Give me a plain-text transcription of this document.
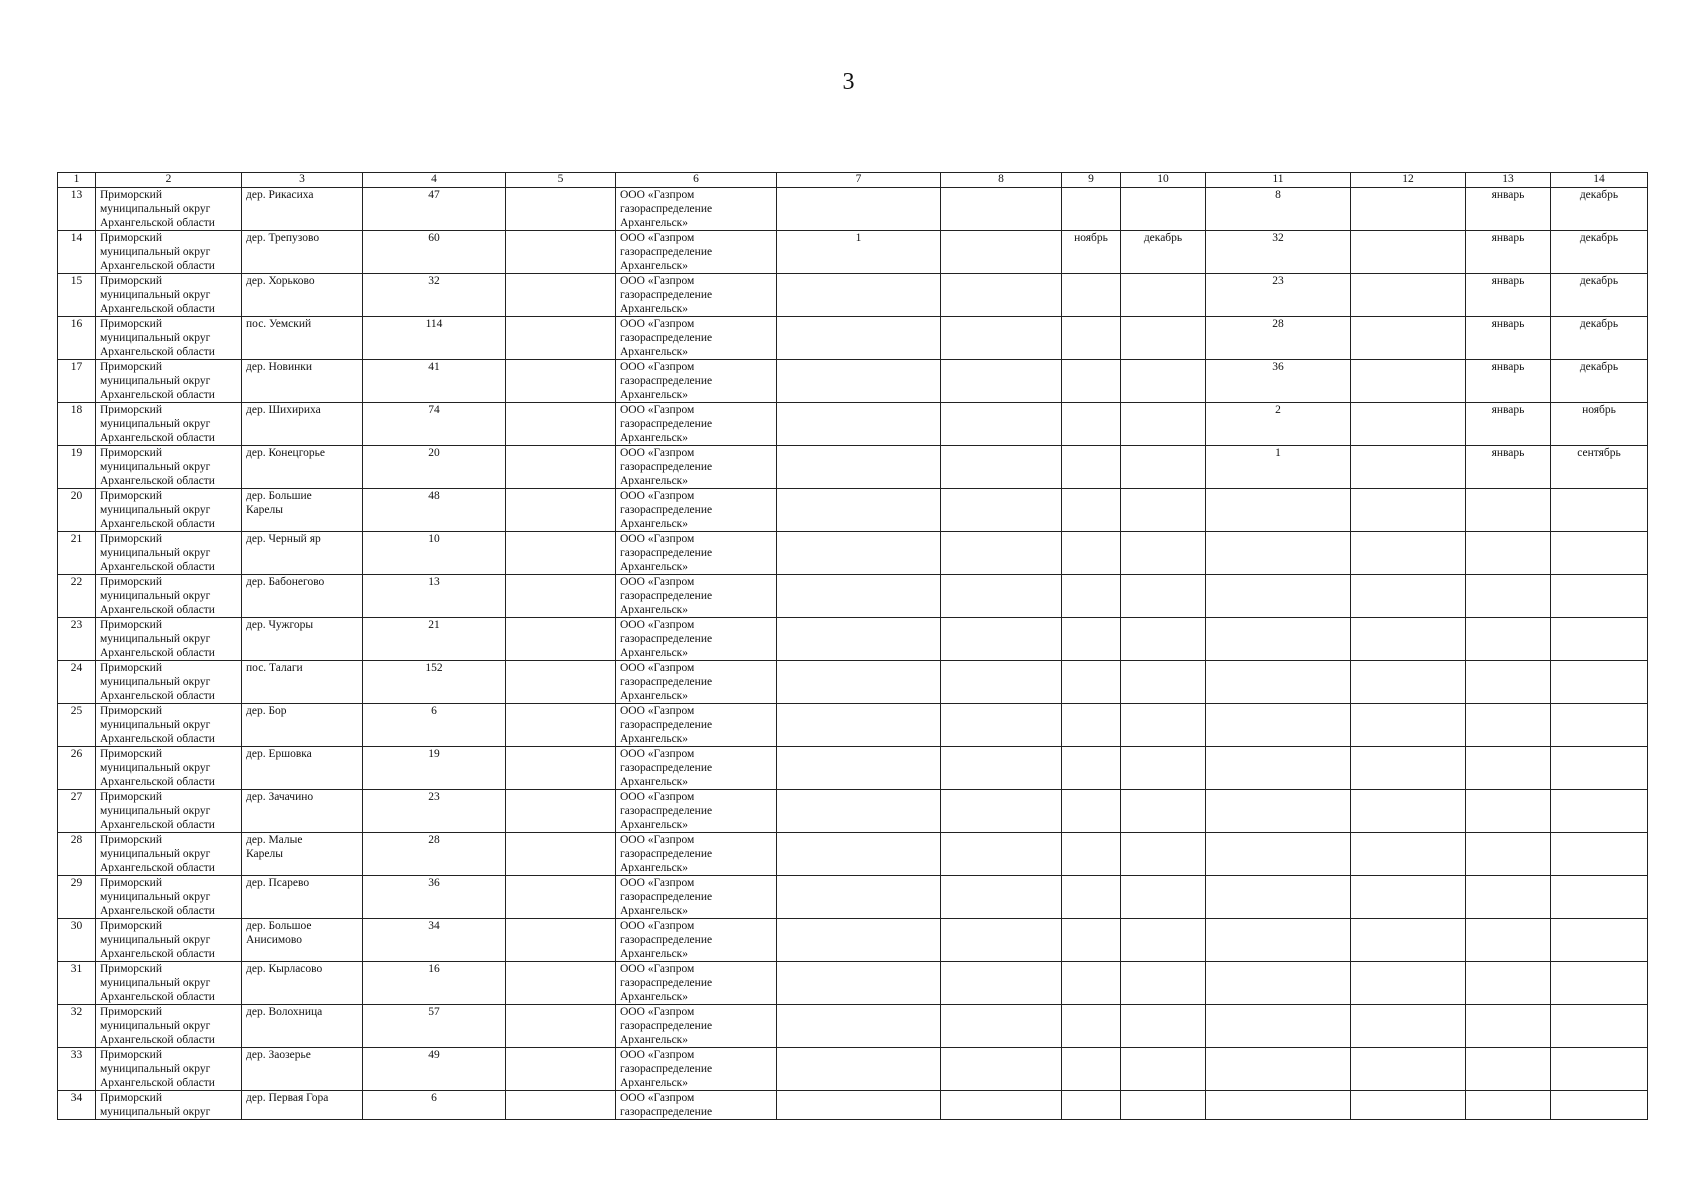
3
1	2	3	4	5	6	7	8	9	10	11	12	13	14
13	Приморский
муниципальный округ
Архангельской области	дер. Рикасиха	47		ООО «Газпром
газораспределение
Архангельск»					8		январь	декабрь
14	Приморский
муниципальный округ
Архангельской области	дер. Трепузово	60		ООО «Газпром
газораспределение
Архангельск»	1		ноябрь	декабрь	32		январь	декабрь
15	Приморский
муниципальный округ
Архангельской области	дер. Хорьково	32		ООО «Газпром
газораспределение
Архангельск»					23		январь	декабрь
16	Приморский
муниципальный округ
Архангельской области	пос. Уемский	114		ООО «Газпром
газораспределение
Архангельск»					28		январь	декабрь
17	Приморский
муниципальный округ
Архангельской области	дер. Новинки	41		ООО «Газпром
газораспределение
Архангельск»					36		январь	декабрь
18	Приморский
муниципальный округ
Архангельской области	дер. Шихириха	74		ООО «Газпром
газораспределение
Архангельск»					2		январь	ноябрь
19	Приморский
муниципальный округ
Архангельской области	дер. Конецгорье	20		ООО «Газпром
газораспределение
Архангельск»					1		январь	сентябрь
20	Приморский
муниципальный округ
Архангельской области	дер. Большие
Карелы	48		ООО «Газпром
газораспределение
Архангельск»								

21	Приморский
муниципальный округ
Архангельской области	дер. Черный яр	10		ООО «Газпром
газораспределение
Архангельск»								

22	Приморский
муниципальный округ
Архангельской области	дер. Бабонегово	13		ООО «Газпром
газораспределение
Архангельск»								

23	Приморский
муниципальный округ
Архангельской области	дер. Чужгоры	21		ООО «Газпром
газораспределение
Архангельск»								

24	Приморский
муниципальный округ
Архангельской области	пос. Талаги	152		ООО «Газпром
газораспределение
Архангельск»								

25	Приморский
муниципальный округ
Архангельской области	дер. Бор	6		ООО «Газпром
газораспределение
Архангельск»								

26	Приморский
муниципальный округ
Архангельской области	дер. Ершовка	19		ООО «Газпром
газораспределение
Архангельск»								

27	Приморский
муниципальный округ
Архангельской области	дер. Зачачино	23		ООО «Газпром
газораспределение
Архангельск»								

28	Приморский
муниципальный округ
Архангельской области	дер. Малые
Карелы	28		ООО «Газпром
газораспределение
Архангельск»								

29	Приморский
муниципальный округ
Архангельской области	дер. Псарево	36		ООО «Газпром
газораспределение
Архангельск»								

30	Приморский
муниципальный округ
Архангельской области	дер. Большое
Анисимово	34		ООО «Газпром
газораспределение
Архангельск»								

31	Приморский
муниципальный округ
Архангельской области	дер. Кырласово	16		ООО «Газпром
газораспределение
Архангельск»								

32	Приморский
муниципальный округ
Архангельской области	дер. Волохница	57		ООО «Газпром
газораспределение
Архангельск»								

33	Приморский
муниципальный округ
Архангельской области	дер. Заозерье	49		ООО «Газпром
газораспределение
Архангельск»								

34	Приморский
муниципальный округ	дер. Первая Гора	6		ООО «Газпром
газораспределение								
